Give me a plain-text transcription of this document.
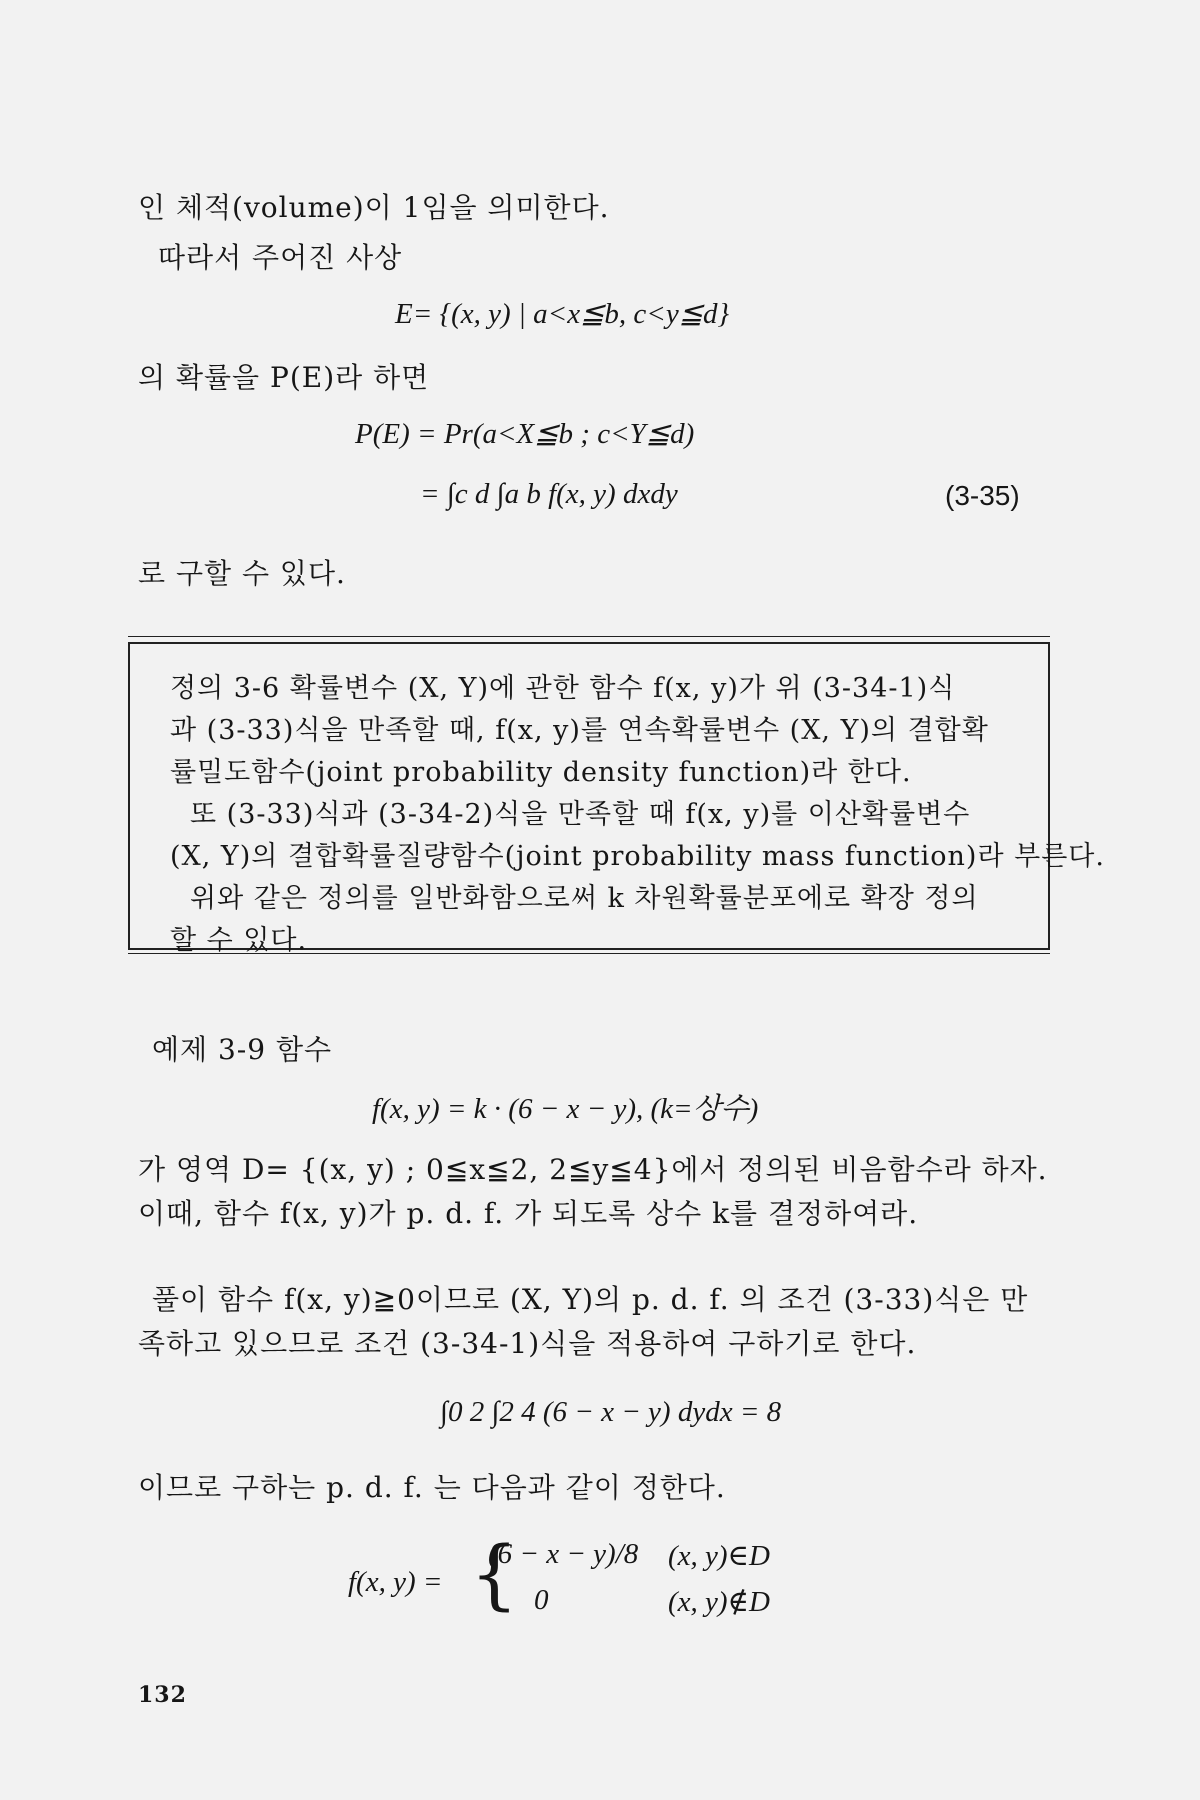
인 체적(volume)이 1임을 의미한다.
따라서 주어진 사상
E= {(x, y) | a<x≦b, c<y≦d}
의 확률을 P(E)라 하면
P(E) = Pr(a<X≦b ; c<Y≦d)
= ∫c d ∫a b f(x, y) dxdy	(3-35)
로 구할 수 있다.
정의 3-6 확률변수 (X, Y)에 관한 함수 f(x, y)가 위 (3-34-1)식
과 (3-33)식을 만족할 때, f(x, y)를 연속확률변수 (X, Y)의 결합확
률밀도함수(joint probability density function)라 한다.
또 (3-33)식과 (3-34-2)식을 만족할 때 f(x, y)를 이산확률변수
(X, Y)의 결합확률질량함수(joint probability mass function)라 부른다.
위와 같은 정의를 일반화함으로써 k 차원확률분포에로 확장 정의
할 수 있다.
예제 3-9 함수
f(x, y) = k · (6 − x − y), (k=상수)
가 영역 D= {(x, y) ; 0≦x≦2, 2≦y≦4}에서 정의된 비음함수라 하자.
이때, 함수 f(x, y)가 p. d. f. 가 되도록 상수 k를 결정하여라.
풀이 함수 f(x, y)≧0이므로 (X, Y)의 p. d. f. 의 조건 (3-33)식은 만
족하고 있으므로 조건 (3-34-1)식을 적용하여 구하기로 한다.
∫0 2 ∫2 4 (6 − x − y) dydx = 8
이므로 구하는 p. d. f. 는 다음과 같이 정한다.
f(x, y) = {
(6 − x − y)/8 (x, y)∈D
0	(x, y)∉D
132
